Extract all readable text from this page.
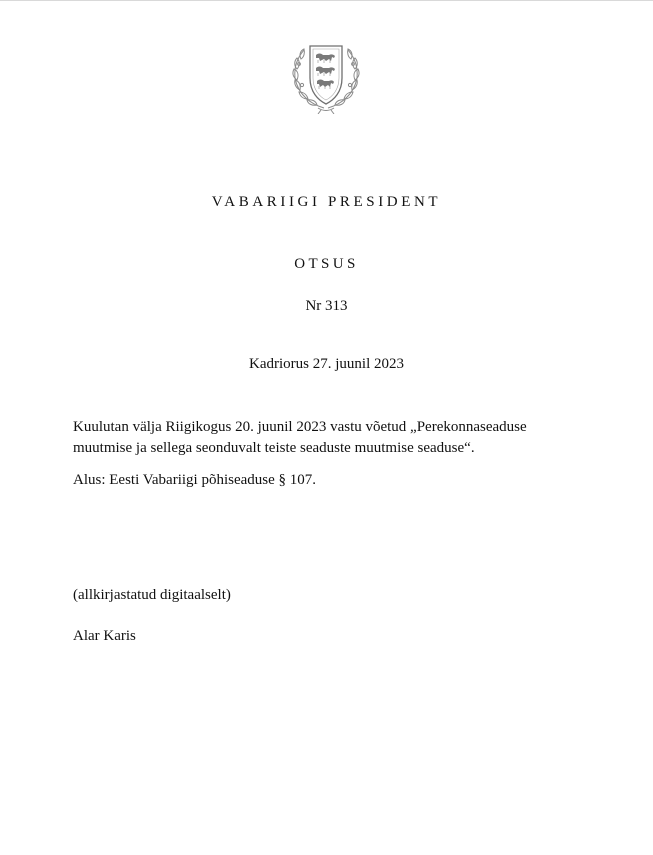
VABARIIGI PRESIDENT
OTSUS
Nr 313
Kadriorus 27. juunil 2023

Kuulutan välja Riigikogus 20. juunil 2023 vastu võetud „Perekonnaseaduse muutmise ja sellega seonduvalt teiste seaduste muutmise seaduse“.

Alus: Eesti Vabariigi põhiseaduse § 107.

(allkirjastatud digitaalselt)

Alar Karis
